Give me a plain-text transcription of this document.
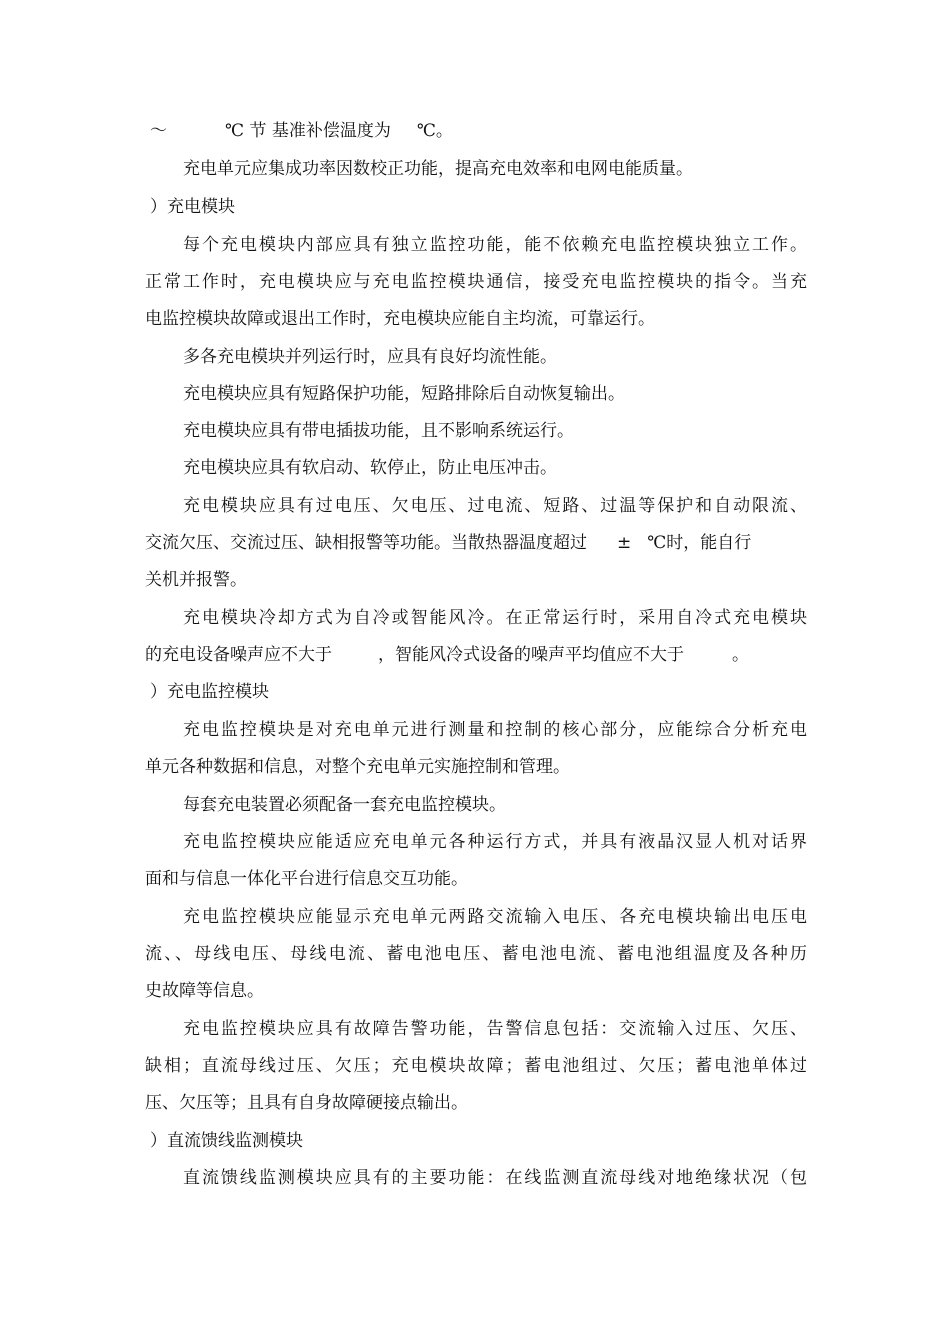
～	℃ 节 基准补偿温度为 ℃。
充电单元应集成功率因数校正功能，提高充电效率和电网电能质量。
）充电模块
每个充电模块内部应具有独立监控功能，能不依赖充电监控模块独立工作。
正常工作时，充电模块应与充电监控模块通信，接受充电监控模块的指令。当充
电监控模块故障或退出工作时，充电模块应能自主均流，可靠运行。
多各充电模块并列运行时，应具有良好均流性能。
充电模块应具有短路保护功能，短路排除后自动恢复输出。
充电模块应具有带电插拔功能，且不影响系统运行。
充电模块应具有软启动、软停止，防止电压冲击。
充电模块应具有过电压、欠电压、过电流、短路、过温等保护和自动限流、
交流欠压、交流过压、缺相报警等功能。当散热器温度超过 ± ℃时，能自行
关机并报警。
充电模块冷却方式为自冷或智能风冷。在正常运行时，采用自冷式充电模块
的充电设备噪声应不大于	，智能风冷式设备的噪声平均值应不大于	。
）充电监控模块
充电监控模块是对充电单元进行测量和控制的核心部分，应能综合分析充电
单元各种数据和信息，对整个充电单元实施控制和管理。
每套充电装置必须配备一套充电监控模块。
充电监控模块应能适应充电单元各种运行方式，并具有液晶汉显人机对话界
面和与信息一体化平台进行信息交互功能。
充电监控模块应能显示充电单元两路交流输入电压、各充电模块输出电压电
流、、母线电压、母线电流、蓄电池电压、蓄电池电流、蓄电池组温度及各种历
史故障等信息。
充电监控模块应具有故障告警功能，告警信息包括：交流输入过压、欠压、
缺相；直流母线过压、欠压；充电模块故障；蓄电池组过、欠压；蓄电池单体过
压、欠压等；且具有自身故障硬接点输出。
）直流馈线监测模块
直流馈线监测模块应具有的主要功能：在线监测直流母线对地绝缘状况（包
